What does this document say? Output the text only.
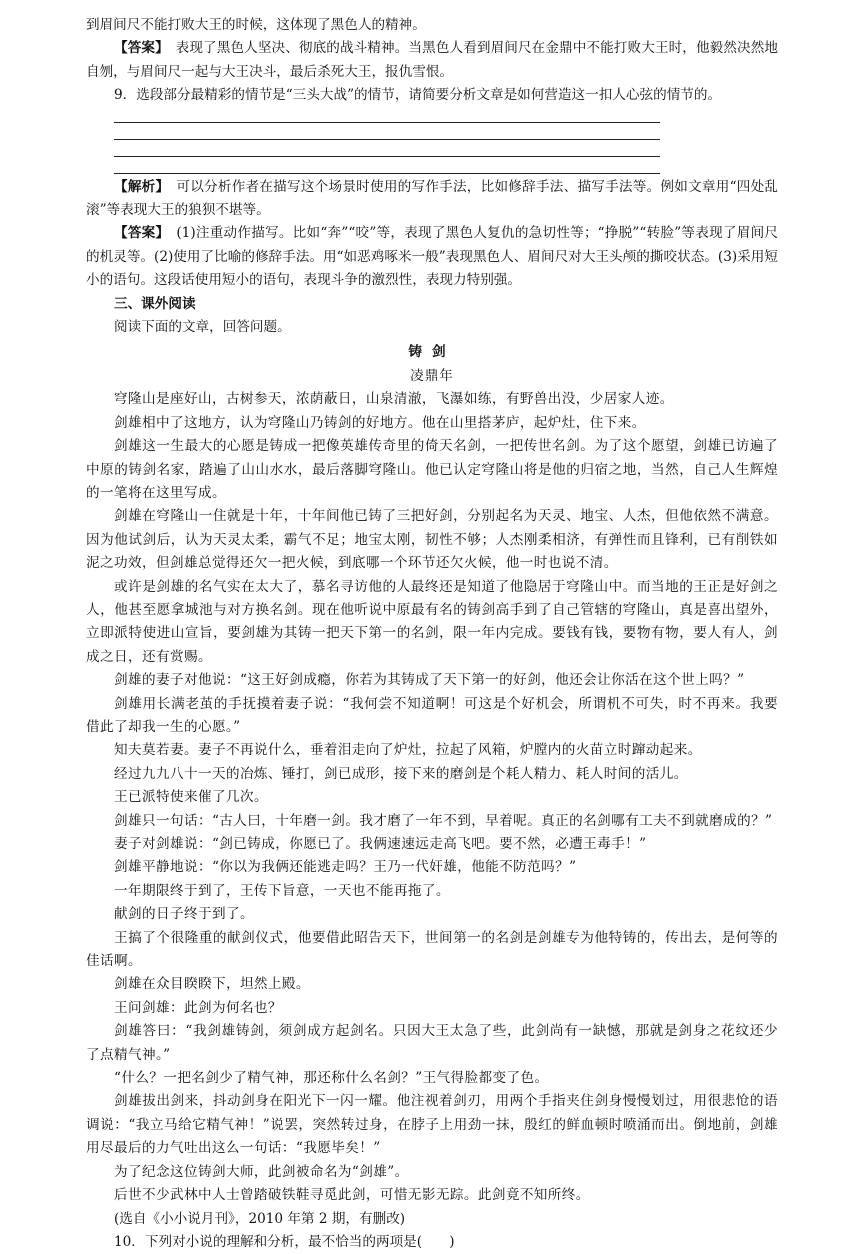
到眉间尺不能打败大王的时候，这体现了黑色人的精神。

【答案】　 表现了黑色人坚决、彻底的战斗精神。当黑色人看到眉间尺在金鼎中不能打败大王时，他毅然决然地自刎，与眉间尺一起与大王决斗，最后杀死大王，报仇雪恨。

9．选段部分最精彩的情节是“三头大战”的情节，请简要分析文章是如何营造这一扣人心弦的情节的。

【解析】　 可以分析作者在描写这个场景时使用的写作手法，比如修辞手法、描写手法等。例如文章用“四处乱滚”等表现大王的狼狈不堪等。

【答案】　 (1)注重动作描写。比如“奔”“咬”等，表现了黑色人复仇的急切性等；“挣脱”“转脸”等表现了眉间尺的机灵等。(2)使用了比喻的修辞手法。用“如恶鸡啄米一般”表现黑色人、眉间尺对大王头颅的撕咬状态。(3)采用短小的语句。这段话使用短小的语句，表现斗争的激烈性，表现力特别强。

三、课外阅读

阅读下面的文章，回答问题。

铸剑

凌鼎年

穹隆山是座好山，古树参天，浓荫蔽日，山泉清澈，飞瀑如练，有野兽出没，少居家人迹。

剑雄相中了这地方，认为穹隆山乃铸剑的好地方。他在山里搭茅庐，起炉灶，住下来。

剑雄这一生最大的心愿是铸成一把像英雄传奇里的倚天名剑，一把传世名剑。为了这个愿望，剑雄已访遍了中原的铸剑名家，踏遍了山山水水，最后落脚穹隆山。他已认定穹隆山将是他的归宿之地，当然，自己人生辉煌的一笔将在这里写成。

剑雄在穹隆山一住就是十年，十年间他已铸了三把好剑，分别起名为天灵、地宝、人杰，但他依然不满意。因为他试剑后，认为天灵太柔，霸气不足；地宝太刚，韧性不够；人杰刚柔相济，有弹性而且锋利，已有削铁如泥之功效，但剑雄总觉得还欠一把火候，到底哪一个环节还欠火候，他一时也说不清。

或许是剑雄的名气实在太大了，慕名寻访他的人最终还是知道了他隐居于穹隆山中。而当地的王正是好剑之人，他甚至愿拿城池与对方换名剑。现在他听说中原最有名的铸剑高手到了自己管辖的穹隆山，真是喜出望外，立即派特使进山宣旨，要剑雄为其铸一把天下第一的名剑，限一年内完成。要钱有钱，要物有物，要人有人，剑成之日，还有赏赐。

剑雄的妻子对他说：“这王好剑成瘾，你若为其铸成了天下第一的好剑，他还会让你活在这个世上吗？”

剑雄用长满老茧的手抚摸着妻子说：“我何尝不知道啊！可这是个好机会，所谓机不可失，时不再来。我要借此了却我一生的心愿。”

知夫莫若妻。妻子不再说什么，垂着泪走向了炉灶，拉起了风箱，炉膛内的火苗立时蹿动起来。

经过九九八十一天的冶炼、锤打，剑已成形，接下来的磨剑是个耗人精力、耗人时间的活儿。

王已派特使来催了几次。

剑雄只一句话：“古人曰，十年磨一剑。我才磨了一年不到，早着呢。真正的名剑哪有工夫不到就磨成的？”

妻子对剑雄说：“剑已铸成，你愿已了。我俩速速远走高飞吧。要不然，必遭王毒手！”

剑雄平静地说：“你以为我俩还能逃走吗？王乃一代奸雄，他能不防范吗？”

一年期限终于到了，王传下旨意，一天也不能再拖了。

献剑的日子终于到了。

王搞了个很隆重的献剑仪式，他要借此昭告天下，世间第一的名剑是剑雄专为他特铸的，传出去，是何等的佳话啊。

剑雄在众目睽睽下，坦然上殿。

王问剑雄：此剑为何名也？

剑雄答曰：“我剑雄铸剑，须剑成方起剑名。只因大王太急了些，此剑尚有一缺憾，那就是剑身之花纹还少了点精气神。”

“什么？一把名剑少了精气神，那还称什么名剑？”王气得脸都变了色。

剑雄拔出剑来，抖动剑身在阳光下一闪一耀。他注视着剑刃，用两个手指夹住剑身慢慢划过，用很悲怆的语调说：“我立马给它精气神！”说罢，突然转过身，在脖子上用劲一抹，殷红的鲜血顿时喷涌而出。倒地前，剑雄用尽最后的力气吐出这么一句话：“我愿毕矣！”

为了纪念这位铸剑大师，此剑被命名为“剑雄”。

后世不少武林中人士曾踏破铁鞋寻觅此剑，可惜无影无踪。此剑竟不知所终。

(选自《小小说月刊》，2010 年第 2 期，有删改)

10．下列对小说的理解和分析，最不恰当的两项是(　　)
